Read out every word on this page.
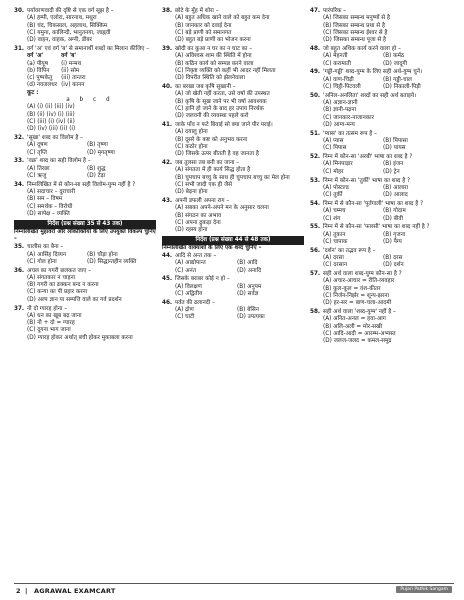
30. पर्यावरणवादी की दृष्टि से एक वर्ग सूझ है –
(A) हम्पी, एलोरा, सारनाथ, मथुरा
(B) चंद, चिकसाल, अहलाथ, सिक्किम
(C) यमुना, कालिन्दी, भानुतनया, जाह्नवी
(D) वाहन, वाहक, अग्नी, डीबर
31. वर्ग 'अ' एवं वर्ग 'ब' से समानार्थी शब्दों का मिलान कीजिए –
वर्ग 'अ'	वर्ग 'ब'
(a) पीयूष	(i) मन्मथ
(b) विपिन	(ii) सोम
(c) पुष्पकेतु	(iii) तान्तरा
(d) नवजलधर	(iv) कानन
कूट :
a b c d
(A) (i) (ii) (iii) (iv)
(B) (ii) (iv) (i) (iii)
(C) (iii) (i) (iv) (ii)
(D) (iv) (iii) (ii) (i)
32. 'सूखा' शब्द का विलोम है –
(A) दूषण	(B) तृष्णा
(C) तृप्ति	(D) मृगतृष्णा
33. 'वक्र' शब्द का सही विलोम है –
(A) तिरछा	(B) शुद्ध
(C) ऋजु	(D) टेढ़ा
34. निम्नलिखित में से कौन-सा सही विलोम-युग्म नहीं है ?
(A) सदाचार – दुराचारी
(B) सम – विषम
(C) समर्थक – विरोधी
(D) सापेक्ष – व्यक्ति
निर्देश (प्रश्न संख्या 35 से 43 तक)
निम्नलिखित मुहावरों और लोकोक्तियों के लिए उपयुक्त विकल्प चुनिए –
35. चालीस का बैना –
(A) आसिंह दिव्यन	(B) चौड़ा होना
(C) गोल होना	(D) सिद्धान्तहीन व्यक्ति
36. अचल का गगरी छलकत जाए –
(A) संगतकार न चाहना
(B) गगरी का ढक्कन बन्द न करना
(C) कन्या का पी प्रहार करना
(D) अल्प ज्ञान या सम्पत्ति वाले का गर्व प्रदर्शन
37. नौ दो ग्यारह होना –
(A) धन का खूब बढ़ जाना
(B) नौ + दो = ग्यारह
(C) दुगना भाग जाना
(D) ग्यारह होकर अर्थात् बची होकर मुकाबला करना
38. छोटे के मुँह में शोरा –
(A) बहुत अधिक खाने वाले को बहुत कम देना
(B) जानकार को दवाई देना
(C) बड़े प्राणी को समानगत
(D) बहुत बड़े प्राणी का भोजन करना
39. खोदी का कुआ न घर का न घाट का –
(A) अविश्वस शाम की स्थिति में होना
(B) कठिन कार्य को सम्पन्न करने वाला
(C) निकृष्ट व्यक्ति को कहीं भी आदर नहीं मिलता
(D) विपरीत स्थिति को झेलनेवाला
40. का बरखा जब कृषि सुखानी –
(A) जो खेती नहीं करता, उसे वर्षा की उपस्थत
(B) कृषि के सूख जाने पर भी वर्षा आवश्यक
(C) हानि हो जाने के बाद हर उपाय निरर्थक
(D) जलवनी की व्यवस्था पहले करो
41. जाके पाँव न फटे बिवाई सो क्या जाने पीर पराई।
(A) दयालु होना
(B) दूसरे के कष्ट को अनुभव करना
(C) कठोर होना
(D) जिसके ऊपर बीतती है वह जानता है
42. जब तुलसा तब बनी का जाना –
(A) संगतता में ही कार्य सिद्ध होता है
(B) चुपचाप बच्चु के साथ ही चुपचाप बच्चु का मेल होना
(C) सभी जादी एक ही जैसे
(D) बेढ़ना होना
43. अपनी डफली अपना राग –
(A) सबका अपने-अपने मन के अनुसार चलना
(B) संगठन का अभाव
(C) अपना ढुकड़ा देना
(D) रहस्य होना
निर्देश (प्रश्न संख्या 44 से 48 तक)
निम्नलिखित वाक्यांशों के लिए एक शब्द चुनिए –
44. आदि से अन्त तक –
(A) आद्योपान्त	(B) आदि
(C) अनंत	(D) अनादि
45. जिसके बराबर कोई न हो –
(A) विलक्षण	(B) अनुपम
(C) अद्वितीय	(D) सर्वज्ञ
46. पर्वत की ढलानदी –
(A) द्रोण	(B) बेसिन
(C) घाटी	(D) उपत्यका
47. पारंपरिक –
(A) जिसका सम्बन्ध मनुष्यों से है
(B) जिसका सम्बन्ध प्रथा से है
(C) जिसका सम्बन्ध ईश्वर से है
(D) जिसका सम्बन्ध पूजा से है
48. जो बहुत अधिक कार्य करने वाला हो –
(A) मेहनती	(B) कर्मठ
(C) करामाती	(D) जादूगी
49. 'गड्ढी-गड्ढी' शब्द-युग्म के लिए सही अर्थ-युग्म चुनें।
(A) वाण-चिढ़ी	(B) गड्ढी-चाल
(C) चिट्ठी-पिटवली	(D) निकाली-पिड़ी
50. 'अनिल-अनलिता' शब्दों का सही अर्थ बताइये।
(A) अज्ञान-ज्ञानी
(B) ज्ञानी-पढ़ना
(C) जानकार-नाजानकार
(D) आग्य-मन्य
51. 'प्यास' का तत्सम रूप है –
(A) प्यास	(B) पिपासा
(C) पिपास	(D) पायस
52. निम्न में कौन-सा 'अरबी' भाषा का शब्द है ?
(A) मिनपाड़ार	(B) इंजन
(C) मोहर	(D) ट्रेन
53. निम्न में कौन-सा 'तुर्की' भाषा का शब्द है ?
(A) पोस्टल्ड	(B) आलारा
(C) तुर्की	(D) आलाद
54. निम्न में से कौन-सा 'पुर्तगाली' भाषा का शब्द है ?
(A) चम्मच	(B) गोदाम
(C) शंग	(D) बीवी
55. निम्न में से कौन-सा 'फारसी' भाषा का शब्द नहीं है ?
(A) तुकान	(B) गृजना
(C) चापाक	(D) पैग्य
56. 'दर्शन' का तद्भव रूप है –
(A) दरसा	(B) दरस
(C) दरसान	(D) दर्शन
57. सही अर्थ वाला शब्द-युग्म कौन-सा है ?
(A) अचार-आचार = रीति-व्यवहार
(B) कुल-कूल = वंश-कीतर
(C) निर्जन-निर्झर = शून्य-झरना
(D) हर-सर = बाण-चला-आदमी
58. सही अर्थ वाला 'शब्द-युग्म' नहीं है –
(A) अनित-अनल = हवा-आग
(B) अलि-अली = मोर-सखी
(C) आदि-आदी = आरम्भ-अभ्यस्त
(D) जलज-जलद = कमल-समुद्र
2 | AGRAWAL EXAMCART	Pujari Pathik Sangam
